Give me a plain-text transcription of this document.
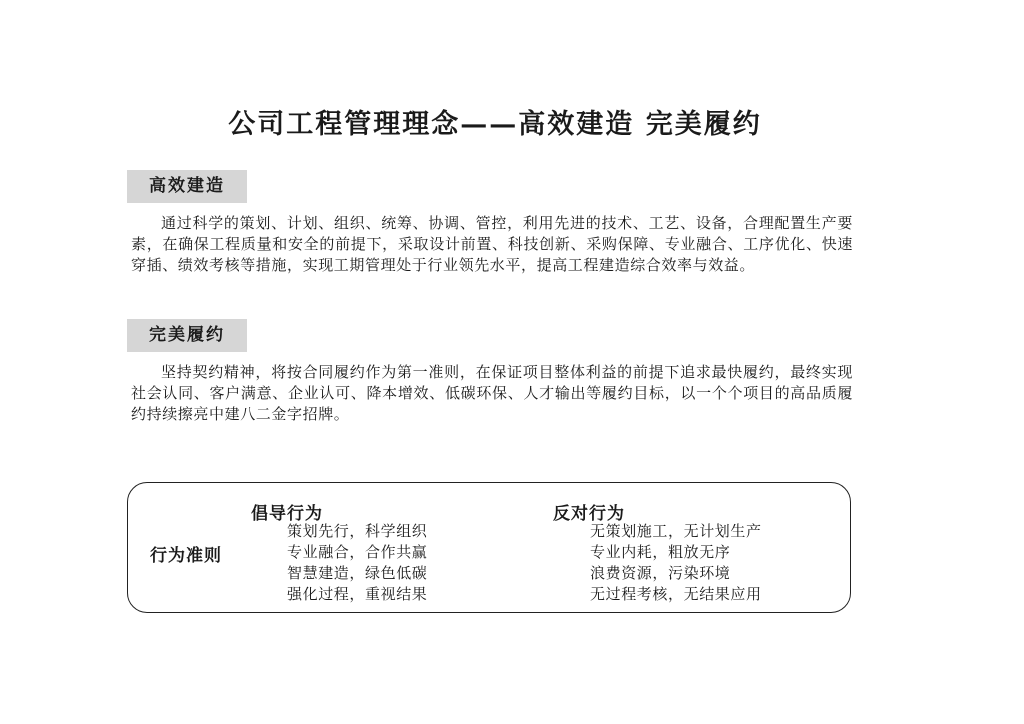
公司工程管理理念——高效建造 完美履约
高效建造
通过科学的策划、计划、组织、统筹、协调、管控，利用先进的技术、工艺、设备，合理配置生产要素，在确保工程质量和安全的前提下，采取设计前置、科技创新、采购保障、专业融合、工序优化、快速穿插、绩效考核等措施，实现工期管理处于行业领先水平，提高工程建造综合效率与效益。
完美履约
坚持契约精神，将按合同履约作为第一准则，在保证项目整体利益的前提下追求最快履约，最终实现社会认同、客户满意、企业认可、降本增效、低碳环保、人才输出等履约目标，以一个个项目的高品质履约持续擦亮中建八二金字招牌。
行为准则
倡导行为
策划先行，科学组织
专业融合，合作共赢
智慧建造，绿色低碳
强化过程，重视结果
反对行为
无策划施工，无计划生产
专业内耗，粗放无序
浪费资源，污染环境
无过程考核，无结果应用
